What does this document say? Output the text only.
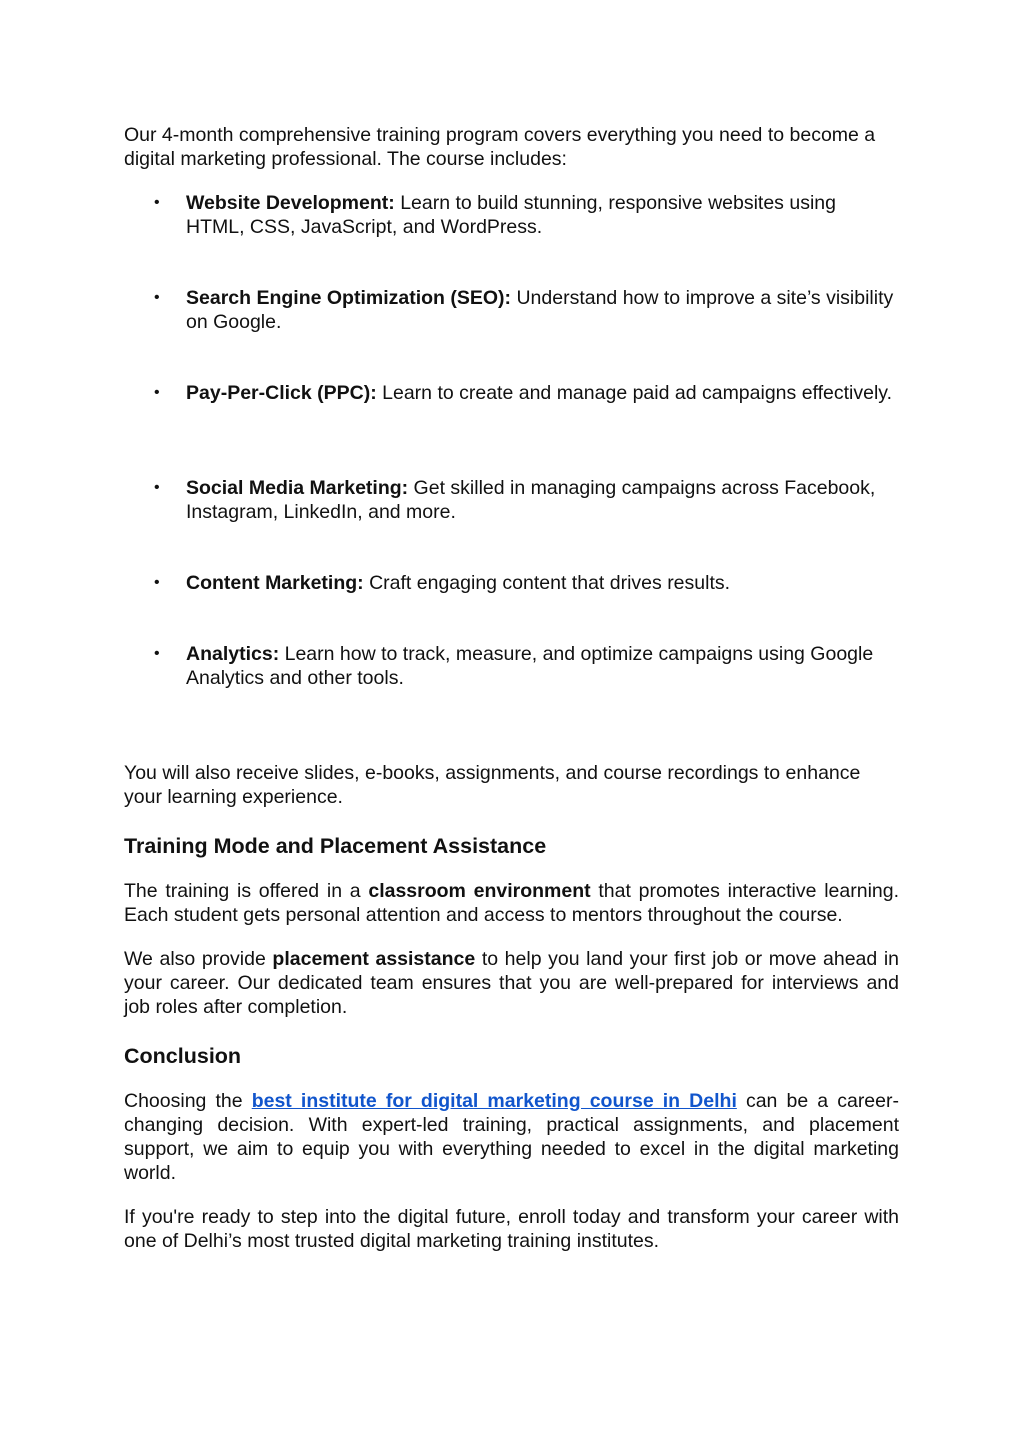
Our 4-month comprehensive training program covers everything you need to become a digital marketing professional. The course includes:

• Website Development: Learn to build stunning, responsive websites using HTML, CSS, JavaScript, and WordPress.
• Search Engine Optimization (SEO): Understand how to improve a site’s visibility on Google.
• Pay-Per-Click (PPC): Learn to create and manage paid ad campaigns effectively.
• Social Media Marketing: Get skilled in managing campaigns across Facebook, Instagram, LinkedIn, and more.
• Content Marketing: Craft engaging content that drives results.
• Analytics: Learn how to track, measure, and optimize campaigns using Google Analytics and other tools.

You will also receive slides, e-books, assignments, and course recordings to enhance your learning experience.

Training Mode and Placement Assistance

The training is offered in a classroom environment that promotes interactive learning. Each student gets personal attention and access to mentors throughout the course.

We also provide placement assistance to help you land your first job or move ahead in your career. Our dedicated team ensures that you are well-prepared for interviews and job roles after completion.

Conclusion

Choosing the best institute for digital marketing course in Delhi can be a career-changing decision. With expert-led training, practical assignments, and placement support, we aim to equip you with everything needed to excel in the digital marketing world.

If you're ready to step into the digital future, enroll today and transform your career with one of Delhi’s most trusted digital marketing training institutes.
